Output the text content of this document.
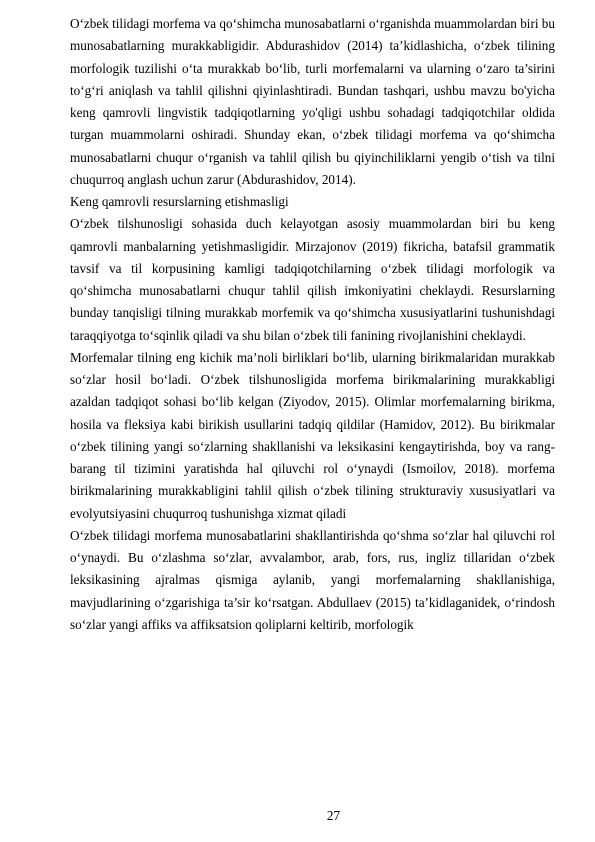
O‘zbek tilidagi morfema va qo‘shimcha munosabatlarni o‘rganishda muammolardan biri bu munosabatlarning murakkabligidir. Abdurashidov (2014) ta’kidlashicha, o‘zbek tilining morfologik tuzilishi o‘ta murakkab bo‘lib, turli morfemalarni va ularning o‘zaro ta’sirini to‘g‘ri aniqlash va tahlil qilishni qiyinlashtiradi. Bundan tashqari, ushbu mavzu bo'yicha keng qamrovli lingvistik tadqiqotlarning yo'qligi ushbu sohadagi tadqiqotchilar oldida turgan muammolarni oshiradi. Shunday ekan, o‘zbek tilidagi morfema va qo‘shimcha munosabatlarni chuqur o‘rganish va tahlil qilish bu qiyinchiliklarni yengib o‘tish va tilni chuqurroq anglash uchun zarur (Abdurashidov, 2014).

Keng qamrovli resurslarning etishmasligi

O‘zbek tilshunosligi sohasida duch kelayotgan asosiy muammolardan biri bu keng qamrovli manbalarning yetishmasligidir. Mirzajonov (2019) fikricha, batafsil grammatik tavsif va til korpusining kamligi tadqiqotchilarning o‘zbek tilidagi morfologik va qo‘shimcha munosabatlarni chuqur tahlil qilish imkoniyatini cheklaydi. Resurslarning bunday tanqisligi tilning murakkab morfemik va qo‘shimcha xususiyatlarini tushunishdagi taraqqiyotga to‘sqinlik qiladi va shu bilan o‘zbek tili fanining rivojlanishini cheklaydi.

Morfemalar tilning eng kichik ma’noli birliklari bo‘lib, ularning birikmalaridan murakkab so‘zlar hosil bo‘ladi. O‘zbek tilshunosligida morfema birikmalarining murakkabligi azaldan tadqiqot sohasi bo‘lib kelgan (Ziyodov, 2015). Olimlar morfemalarning birikma, hosila va fleksiya kabi birikish usullarini tadqiq qildilar (Hamidov, 2012). Bu birikmalar o‘zbek tilining yangi so‘zlarning shakllanishi va leksikasini kengaytirishda, boy va rang-barang til tizimini yaratishda hal qiluvchi rol o‘ynaydi (Ismoilov, 2018). morfema birikmalarining murakkabligini tahlil qilish o‘zbek tilining strukturaviy xususiyatlari va evolyutsiyasini chuqurroq tushunishga xizmat qiladi

O‘zbek tilidagi morfema munosabatlarini shakllantirishda qo‘shma so‘zlar hal qiluvchi rol o‘ynaydi. Bu o‘zlashma so‘zlar, avvalambor, arab, fors, rus, ingliz tillaridan o‘zbek leksikasining ajralmas qismiga aylanib, yangi morfemalarning shakllanishiga, mavjudlarining o‘zgarishiga ta’sir ko‘rsatgan. Abdullaev (2015) ta’kidlaganidek, o‘rindosh so‘zlar yangi affiks va affiksatsion qoliplarni keltirib, morfologik

27
